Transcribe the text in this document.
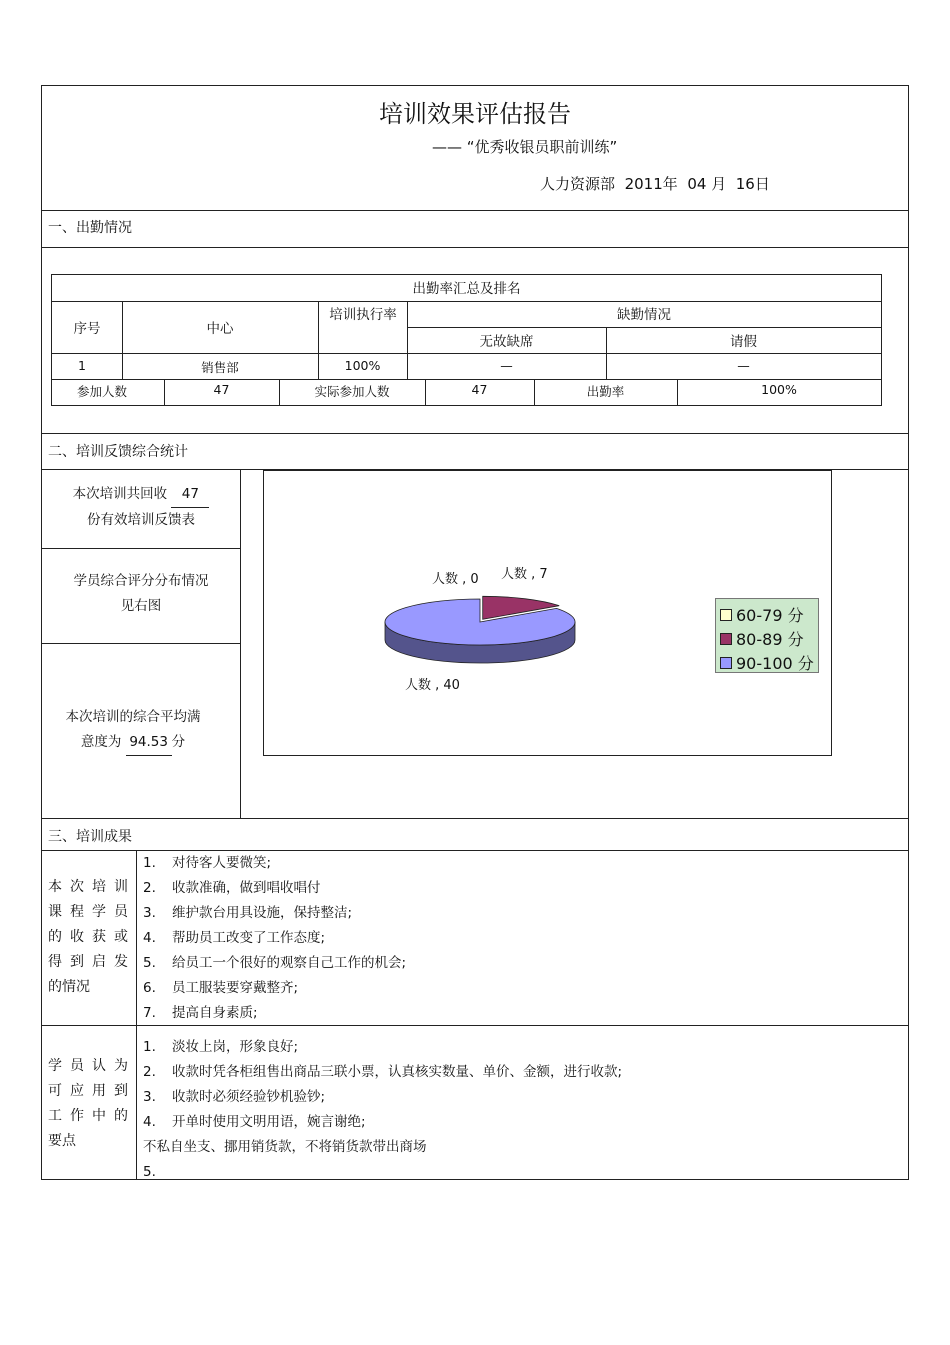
培训效果评估报告
—— “优秀收银员职前训练”
人力资源部 2011年 04 月 16日
一、出勤情况
出勤率汇总及排名
序号	中心
培训执行率	缺勤情况
无故缺席	请假
1	销售部	100%	—	—
参加人数	47	实际参加人数	47	出勤率	100%
二、培训反馈综合统计
本次培训共回收 47
份有效培训反馈表
学员综合评分分布情况
见右图
本次培训的综合平均满
意度为 94.53 分
人数 , 0 人数 , 7
人数 , 40
60-79 分
80-89 分
90-100 分
三、培训成果
本 次 培 训
课 程 学 员
的 收 获 或
得 到 启 发
的情况
1. 对待客人要微笑;
2. 收款准确，做到唱收唱付
3. 维护款台用具设施，保持整洁;
4. 帮助员工改变了工作态度;
5. 给员工一个很好的观察自己工作的机会;
6. 员工服装要穿戴整齐;
7. 提高自身素质;
学 员 认 为
可 应 用 到
工 作 中 的
要点
1. 淡妆上岗，形象良好;
2. 收款时凭各柜组售出商品三联小票，认真核实数量、单价、金额，进行收款;
3. 收款时必须经验钞机验钞;
4. 开单时使用文明用语，婉言谢绝;
不私自坐支、挪用销货款，不将销货款带出商场
5.
